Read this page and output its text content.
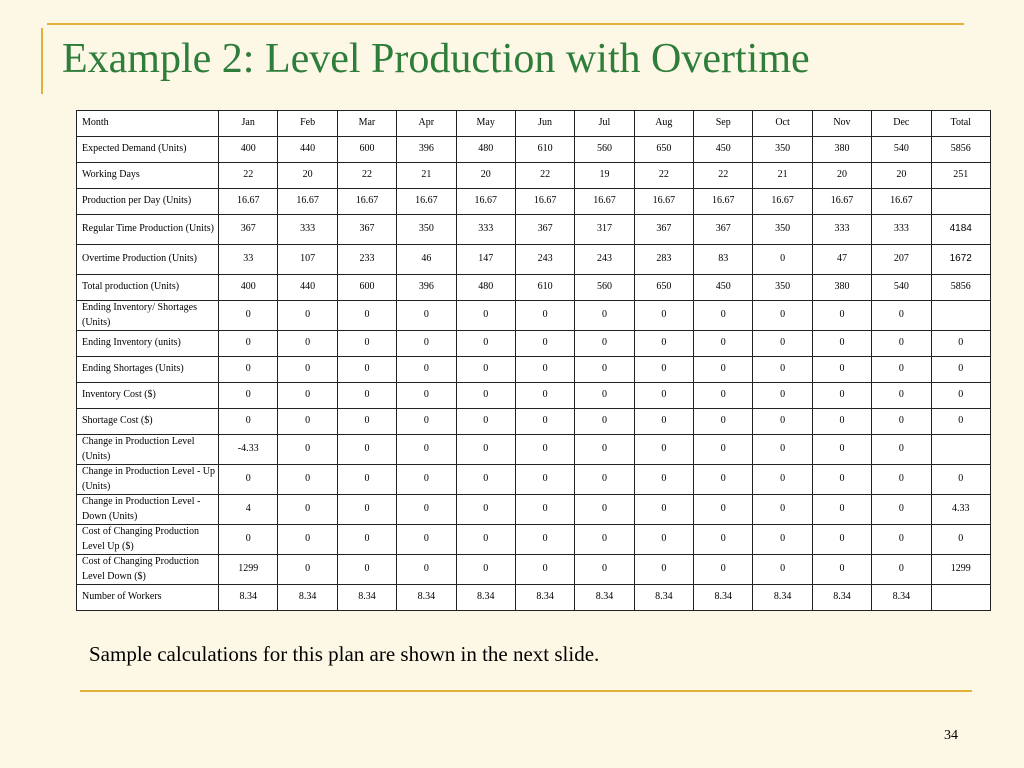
Example 2: Level Production with Overtime
Month	Jan	Feb	Mar	Apr	May	Jun	Jul	Aug	Sep	Oct	Nov	Dec	Total
Expected Demand (Units)	400	440	600	396	480	610	560	650	450	350	380	540	5856
Working Days	22	20	22	21	20	22	19	22	22	21	20	20	251
Production per Day (Units)	16.67	16.67	16.67	16.67	16.67	16.67	16.67	16.67	16.67	16.67	16.67	16.67	
Regular Time Production (Units)	367	333	367	350	333	367	317	367	367	350	333	333	4184
Overtime Production (Units)	33	107	233	46	147	243	243	283	83	0	47	207	1672
Total production (Units)	400	440	600	396	480	610	560	650	450	350	380	540	5856
Ending Inventory/ Shortages (Units)	0	0	0	0	0	0	0	0	0	0	0	0	
Ending Inventory (units)	0	0	0	0	0	0	0	0	0	0	0	0	0
Ending Shortages (Units)	0	0	0	0	0	0	0	0	0	0	0	0	0
Inventory Cost ($)	0	0	0	0	0	0	0	0	0	0	0	0	0
Shortage Cost ($)	0	0	0	0	0	0	0	0	0	0	0	0	0
Change in Production Level (Units)	-4.33	0	0	0	0	0	0	0	0	0	0	0	
Change in Production Level - Up (Units)	0	0	0	0	0	0	0	0	0	0	0	0	0
Change in Production Level - Down (Units)	4	0	0	0	0	0	0	0	0	0	0	0	4.33
Cost of Changing Production Level Up ($)	0	0	0	0	0	0	0	0	0	0	0	0	0
Cost of Changing Production Level Down ($)	1299	0	0	0	0	0	0	0	0	0	0	0	1299
Number of Workers	8.34	8.34	8.34	8.34	8.34	8.34	8.34	8.34	8.34	8.34	8.34	8.34	
Sample calculations for this plan are shown in the next slide.
34
